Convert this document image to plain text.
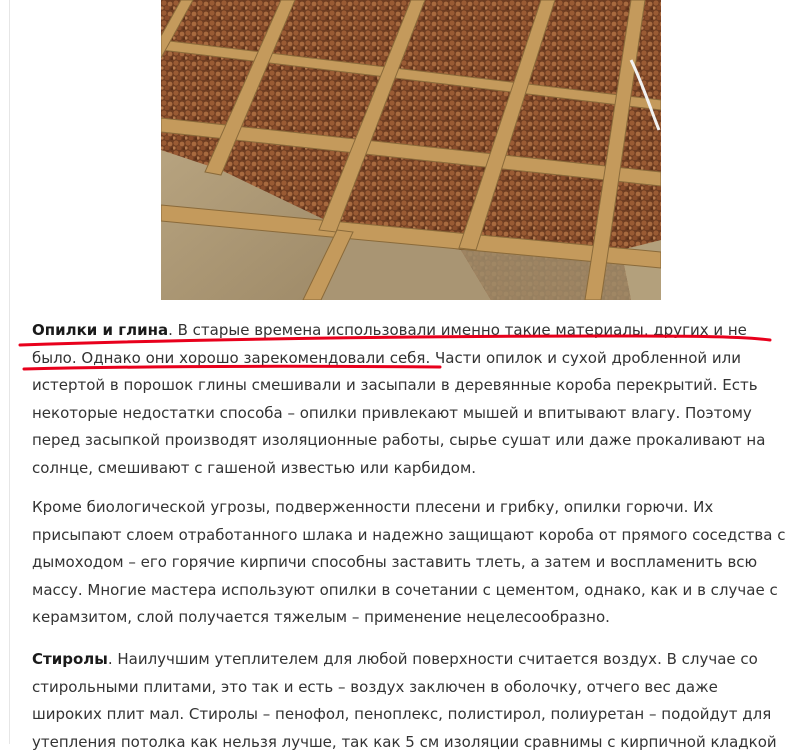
Опилки и глина. В старые времена использовали именно такие материалы, других и не
было. Однако они хорошо зарекомендовали себя. Части опилок и сухой дробленной или
истертой в порошок глины смешивали и засыпали в деревянные короба перекрытий. Есть
некоторые недостатки способа – опилки привлекают мышей и впитывают влагу. Поэтому
перед засыпкой производят изоляционные работы, сырье сушат или даже прокаливают на
солнце, смешивают с гашеной известью или карбидом.

Кроме биологической угрозы, подверженности плесени и грибку, опилки горючи. Их
присыпают слоем отработанного шлака и надежно защищают короба от прямого соседства с
дымоходом – его горячие кирпичи способны заставить тлеть, а затем и воспламенить всю
массу. Многие мастера используют опилки в сочетании с цементом, однако, как и в случае с
керамзитом, слой получается тяжелым – применение нецелесообразно.

Стиролы. Наилучшим утеплителем для любой поверхности считается воздух. В случае со
стирольными плитами, это так и есть – воздух заключен в оболочку, отчего вес даже
широких плит мал. Стиролы – пенофол, пеноплекс, полистирол, полиуретан – подойдут для
утепления потолка как нельзя лучше, так как 5 см изоляции сравнимы с кирпичной кладкой
